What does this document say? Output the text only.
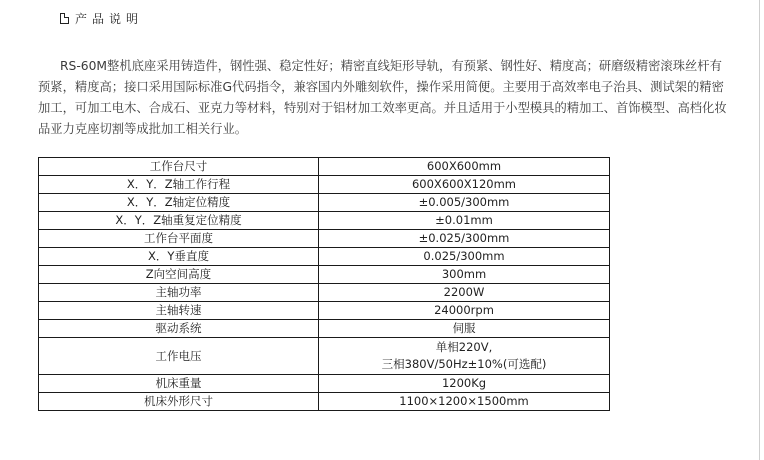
产品说明

RS-60M整机底座采用铸造件，钢性强、稳定性好；精密直线矩形导轨，有预紧、钢性好、精度高；研磨级精密滚珠丝杆有预紧，精度高；接口采用国际标准G代码指令，兼容国内外雕刻软件，操作采用简便。主要用于高效率电子治具、测试架的精密加工，可加工电木、合成石、亚克力等材料，特别对于铝材加工效率更高。并且适用于小型模具的精加工、首饰模型、高档化妆品亚力克座切割等成批加工相关行业。

工作台尺寸	600X600mm
X．Y．Z轴工作行程	600X600X120mm
X．Y．Z轴定位精度	±0.005/300mm
X．Y．Z轴重复定位精度	±0.01mm
工作台平面度	±0.025/300mm
X．Y垂直度	0.025/300mm
Z向空间高度	300mm
主轴功率	2200W
主轴转速	24000rpm
驱动系统	伺服
工作电压	单相220V,
三相380V/50Hz±10%(可选配)

机床重量	1200Kg
机床外形尺寸	1100×1200×1500mm
